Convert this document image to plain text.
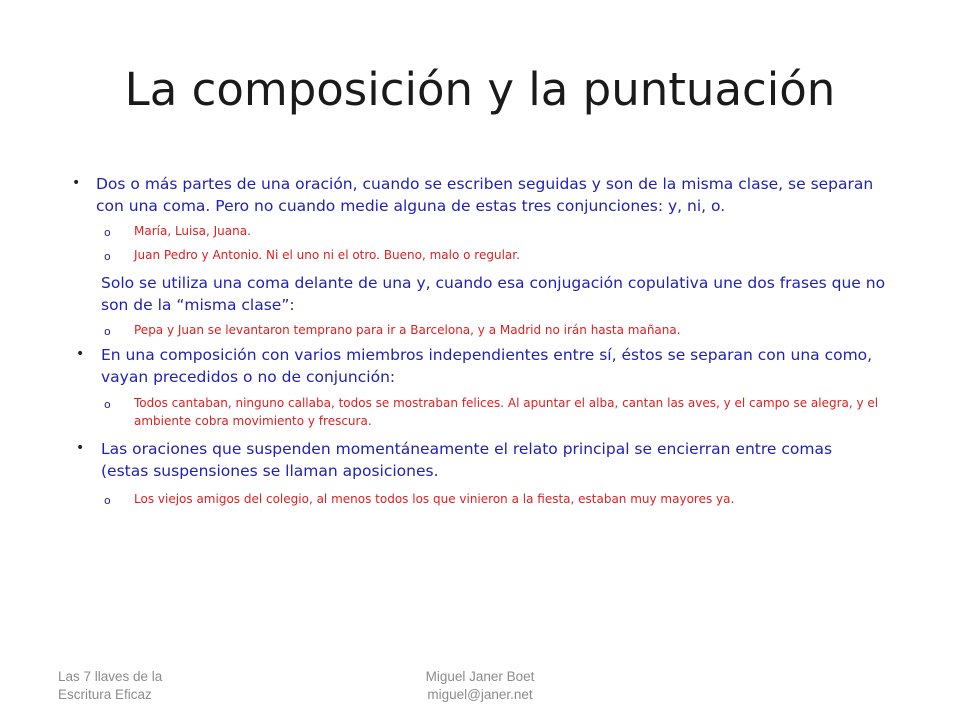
La composición y la puntuación
• Dos o más partes de una oración, cuando se escriben seguidas y son de la misma clase, se separan con una coma. Pero no cuando medie alguna de estas tres conjunciones: y, ni, o.
o María, Luisa, Juana.
o Juan Pedro y Antonio. Ni el uno ni el otro. Bueno, malo o regular.
Solo se utiliza una coma delante de una y, cuando esa conjugación copulativa une dos frases que no son de la “misma clase”:
o Pepa y Juan se levantaron temprano para ir a Barcelona, y a Madrid no irán hasta mañana.
• En una composición con varios miembros independientes entre sí, éstos se separan con una como, vayan precedidos o no de conjunción:
o Todos cantaban, ninguno callaba, todos se mostraban felices. Al apuntar el alba, cantan las aves, y el campo se alegra, y el ambiente cobra movimiento y frescura.
• Las oraciones que suspenden momentáneamente el relato principal se encierran entre comas (estas suspensiones se llaman aposiciones.
o Los viejos amigos del colegio, al menos todos los que vinieron a la fiesta, estaban muy mayores ya.
Las 7 llaves de la
Escritura Eficaz
Miguel Janer Boet
miguel@janer.net
